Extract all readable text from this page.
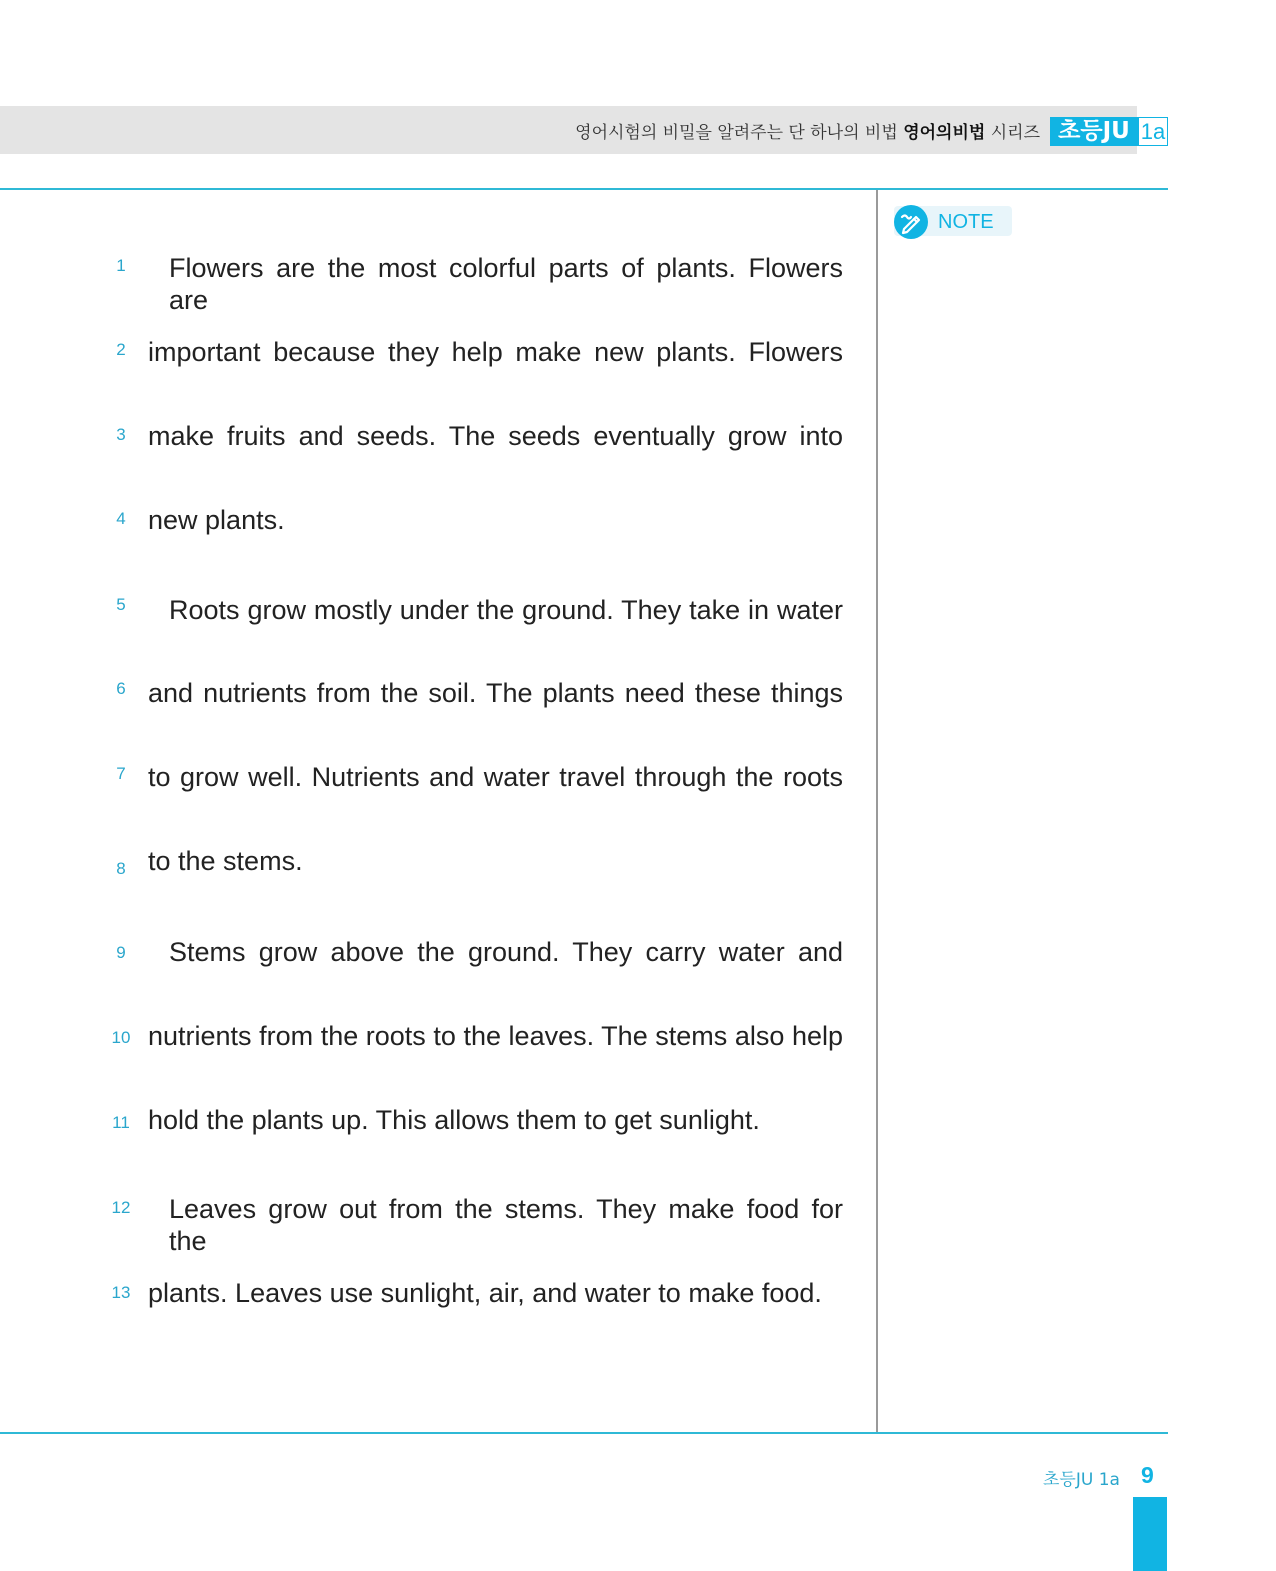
영어시험의 비밀을 알려주는 단 하나의 비법 영어의비법 시리즈 초등JU 1a
NOTE
1	Flowers are the most colorful parts of plants. Flowers are
2 important because they help make new plants. Flowers
3 make fruits and seeds. The seeds eventually grow into
4 new plants.
5	Roots grow mostly under the ground. They take in water
6 and nutrients from the soil. The plants need these things
7 to grow well. Nutrients and water travel through the roots
8 to the stems.
9	Stems grow above the ground. They carry water and
10 nutrients from the roots to the leaves. The stems also help
11 hold the plants up. This allows them to get sunlight.
12	Leaves grow out from the stems. They make food for the
13 plants. Leaves use sunlight, air, and water to make food.
초등JU 1a 9
